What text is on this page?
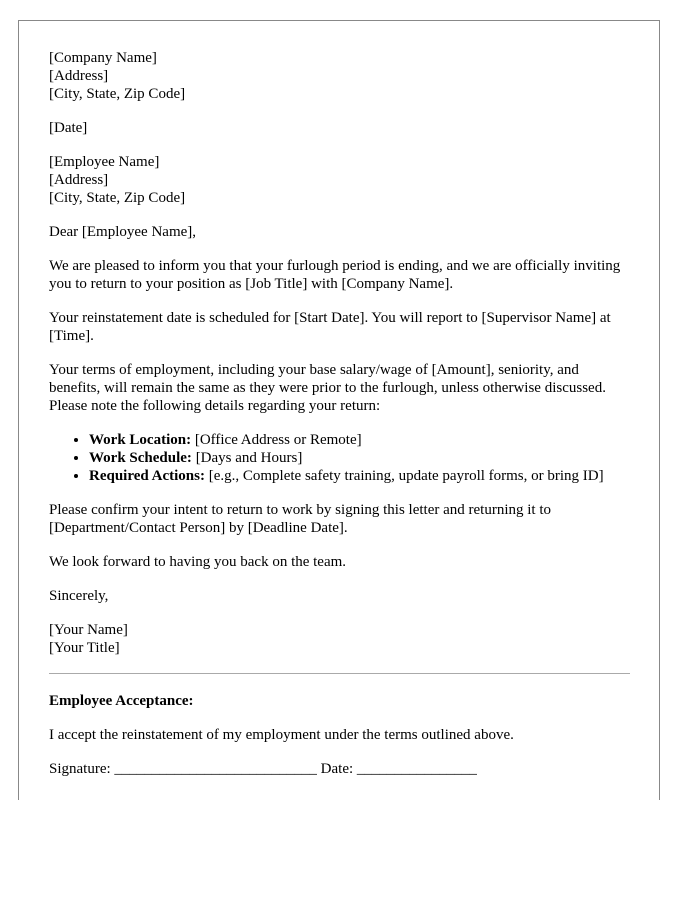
[Company Name]
[Address]
[City, State, Zip Code]

[Date]

[Employee Name]
[Address]
[City, State, Zip Code]

Dear [Employee Name],

We are pleased to inform you that your furlough period is ending, and we are officially inviting you to return to your position as [Job Title] with [Company Name].

Your reinstatement date is scheduled for [Start Date]. You will report to [Supervisor Name] at [Time].

Your terms of employment, including your base salary/wage of [Amount], seniority, and benefits, will remain the same as they were prior to the furlough, unless otherwise discussed. Please note the following details regarding your return:

• Work Location: [Office Address or Remote]
• Work Schedule: [Days and Hours]
• Required Actions: [e.g., Complete safety training, update payroll forms, or bring ID]

Please confirm your intent to return to work by signing this letter and returning it to [Department/Contact Person] by [Deadline Date].

We look forward to having you back on the team.

Sincerely,

[Your Name]
[Your Title]

Employee Acceptance:

I accept the reinstatement of my employment under the terms outlined above.

Signature: ___________________________ Date: ________________
